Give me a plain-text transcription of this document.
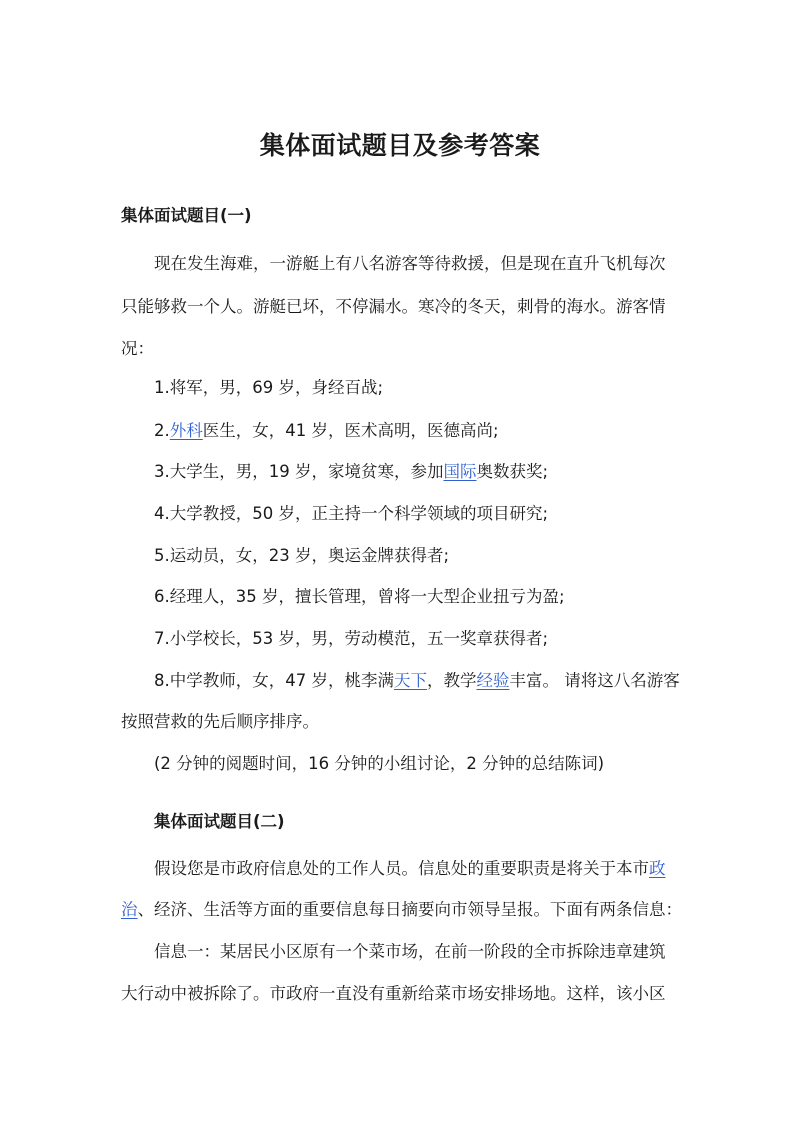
集体面试题目及参考答案
集体面试题目(一)
现在发生海难，一游艇上有八名游客等待救援，但是现在直升飞机每次
只能够救一个人。游艇已坏，不停漏水。寒冷的冬天，刺骨的海水。游客情
况：
1.将军，男，69 岁，身经百战;
2.外科医生，女，41 岁，医术高明，医德高尚;
3.大学生，男，19 岁，家境贫寒，参加国际奥数获奖;
4.大学教授，50 岁，正主持一个科学领域的项目研究;
5.运动员，女，23 岁，奥运金牌获得者;
6.经理人，35 岁，擅长管理，曾将一大型企业扭亏为盈;
7.小学校长，53 岁，男，劳动模范，五一奖章获得者;
8.中学教师，女，47 岁，桃李满天下，教学经验丰富。 请将这八名游客
按照营救的先后顺序排序。
(2 分钟的阅题时间，16 分钟的小组讨论，2 分钟的总结陈词)
集体面试题目(二)
假设您是市政府信息处的工作人员。信息处的重要职责是将关于本市政
治、经济、生活等方面的重要信息每日摘要向市领导呈报。下面有两条信息：
信息一：某居民小区原有一个菜市场，在前一阶段的全市拆除违章建筑
大行动中被拆除了。市政府一直没有重新给菜市场安排场地。这样，该小区
